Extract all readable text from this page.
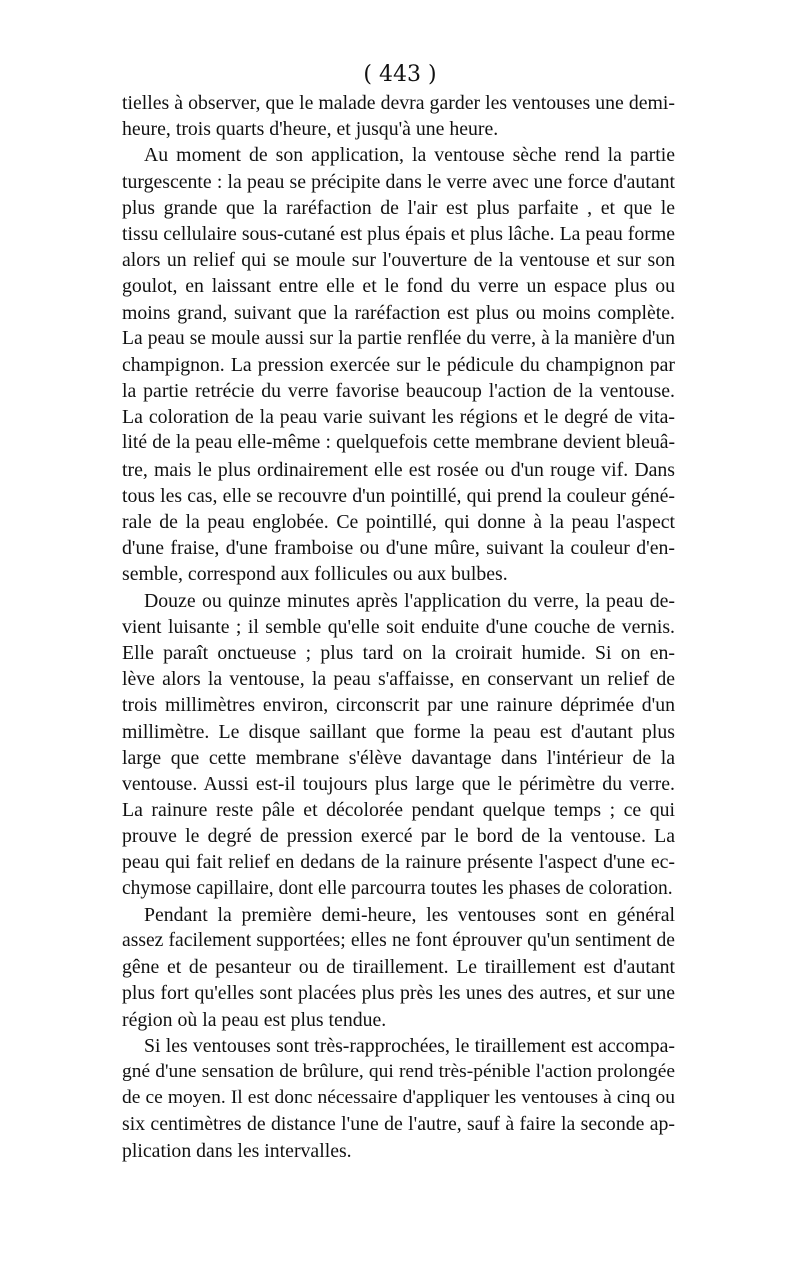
( 443 )
tielles à observer, que le malade devra garder les ventouses une demi-
heure, trois quarts d'heure, et jusqu'à une heure.
Au moment de son application, la ventouse sèche rend la partie
turgescente : la peau se précipite dans le verre avec une force d'autant
plus grande que la raréfaction de l'air est plus parfaite , et que le
tissu cellulaire sous-cutané est plus épais et plus lâche. La peau forme
alors un relief qui se moule sur l'ouverture de la ventouse et sur son
goulot, en laissant entre elle et le fond du verre un espace plus ou
moins grand, suivant que la raréfaction est plus ou moins complète.
La peau se moule aussi sur la partie renflée du verre, à la manière d'un
champignon. La pression exercée sur le pédicule du champignon par
la partie retrécie du verre favorise beaucoup l'action de la ventouse.
La coloration de la peau varie suivant les régions et le degré de vita-
lité de la peau elle-même : quelquefois cette membrane devient bleuâ-
tre, mais le plus ordinairement elle est rosée ou d'un rouge vif. Dans
tous les cas, elle se recouvre d'un pointillé, qui prend la couleur géné-
rale de la peau englobée. Ce pointillé, qui donne à la peau l'aspect
d'une fraise, d'une framboise ou d'une mûre, suivant la couleur d'en-
semble, correspond aux follicules ou aux bulbes.
Douze ou quinze minutes après l'application du verre, la peau de-
vient luisante ; il semble qu'elle soit enduite d'une couche de vernis.
Elle paraît onctueuse ; plus tard on la croirait humide. Si on en-
lève alors la ventouse, la peau s'affaisse, en conservant un relief de
trois millimètres environ, circonscrit par une rainure déprimée d'un
millimètre. Le disque saillant que forme la peau est d'autant plus
large que cette membrane s'élève davantage dans l'intérieur de la
ventouse. Aussi est-il toujours plus large que le périmètre du verre.
La rainure reste pâle et décolorée pendant quelque temps ; ce qui
prouve le degré de pression exercé par le bord de la ventouse. La
peau qui fait relief en dedans de la rainure présente l'aspect d'une ec-
chymose capillaire, dont elle parcourra toutes les phases de coloration.
Pendant la première demi-heure, les ventouses sont en général
assez facilement supportées; elles ne font éprouver qu'un sentiment de
gêne et de pesanteur ou de tiraillement. Le tiraillement est d'autant
plus fort qu'elles sont placées plus près les unes des autres, et sur une
région où la peau est plus tendue.
Si les ventouses sont très-rapprochées, le tiraillement est accompa-
gné d'une sensation de brûlure, qui rend très-pénible l'action prolongée
de ce moyen. Il est donc nécessaire d'appliquer les ventouses à cinq ou
six centimètres de distance l'une de l'autre, sauf à faire la seconde ap-
plication dans les intervalles.
